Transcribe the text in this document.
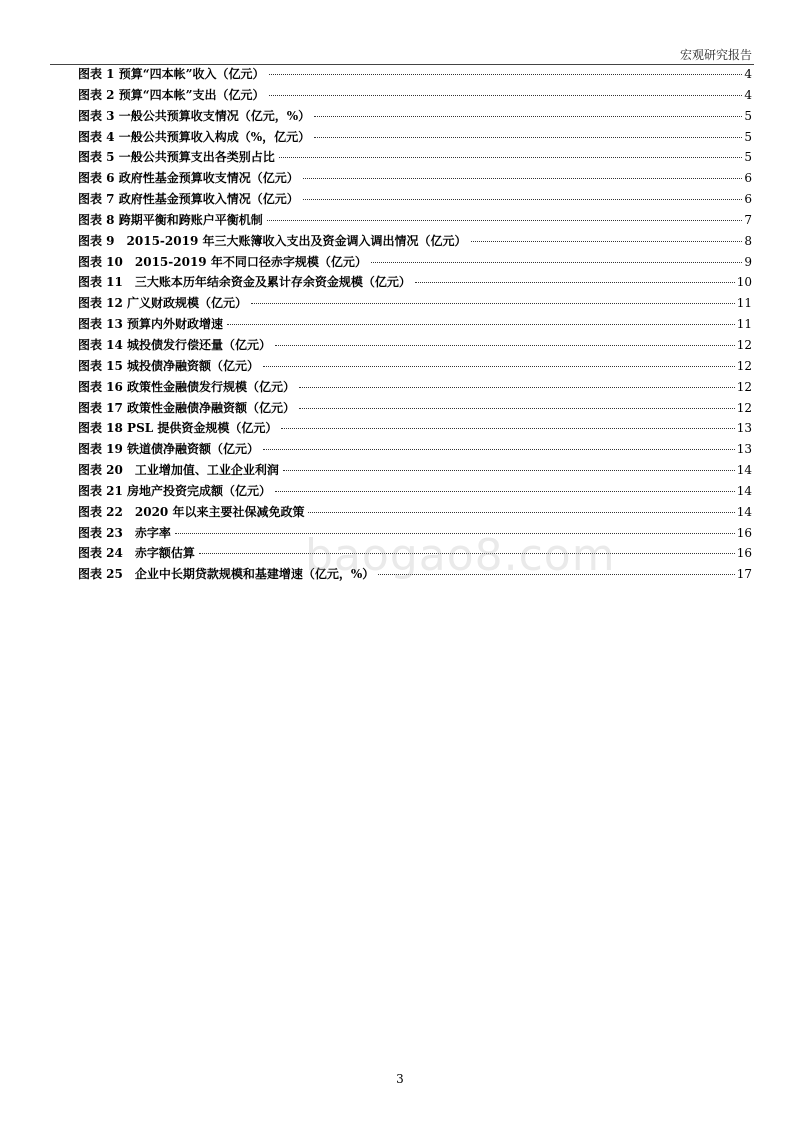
宏观研究报告
图表 1 预算“四本帐”收入（亿元）	4
图表 2 预算“四本帐”支出（亿元）	4
图表 3 一般公共预算收支情况（亿元，%）	5
图表 4 一般公共预算收入构成（%，亿元）	5
图表 5 一般公共预算支出各类别占比	5
图表 6 政府性基金预算收支情况（亿元）	6
图表 7 政府性基金预算收入情况（亿元）	6
图表 8 跨期平衡和跨账户平衡机制	7
图表 9　2015-2019 年三大账簿收入支出及资金调入调出情况（亿元）	8
图表 10　2015-2019 年不同口径赤字规模（亿元）	9
图表 11　三大账本历年结余资金及累计存余资金规模（亿元）	10
图表 12 广义财政规模（亿元）	11
图表 13 预算内外财政增速	11
图表 14 城投债发行偿还量（亿元）	12
图表 15 城投债净融资额（亿元）	12
图表 16 政策性金融债发行规模（亿元）	12
图表 17 政策性金融债净融资额（亿元）	12
图表 18 PSL 提供资金规模（亿元）	13
图表 19 铁道债净融资额（亿元）	13
图表 20　工业增加值、工业企业利润	14
图表 21 房地产投资完成额（亿元）	14
图表 22　2020 年以来主要社保减免政策	14
图表 23　赤字率	16
图表 24　赤字额估算	16
图表 25　企业中长期贷款规模和基建增速（亿元，%）	17
baogao8.com
3
